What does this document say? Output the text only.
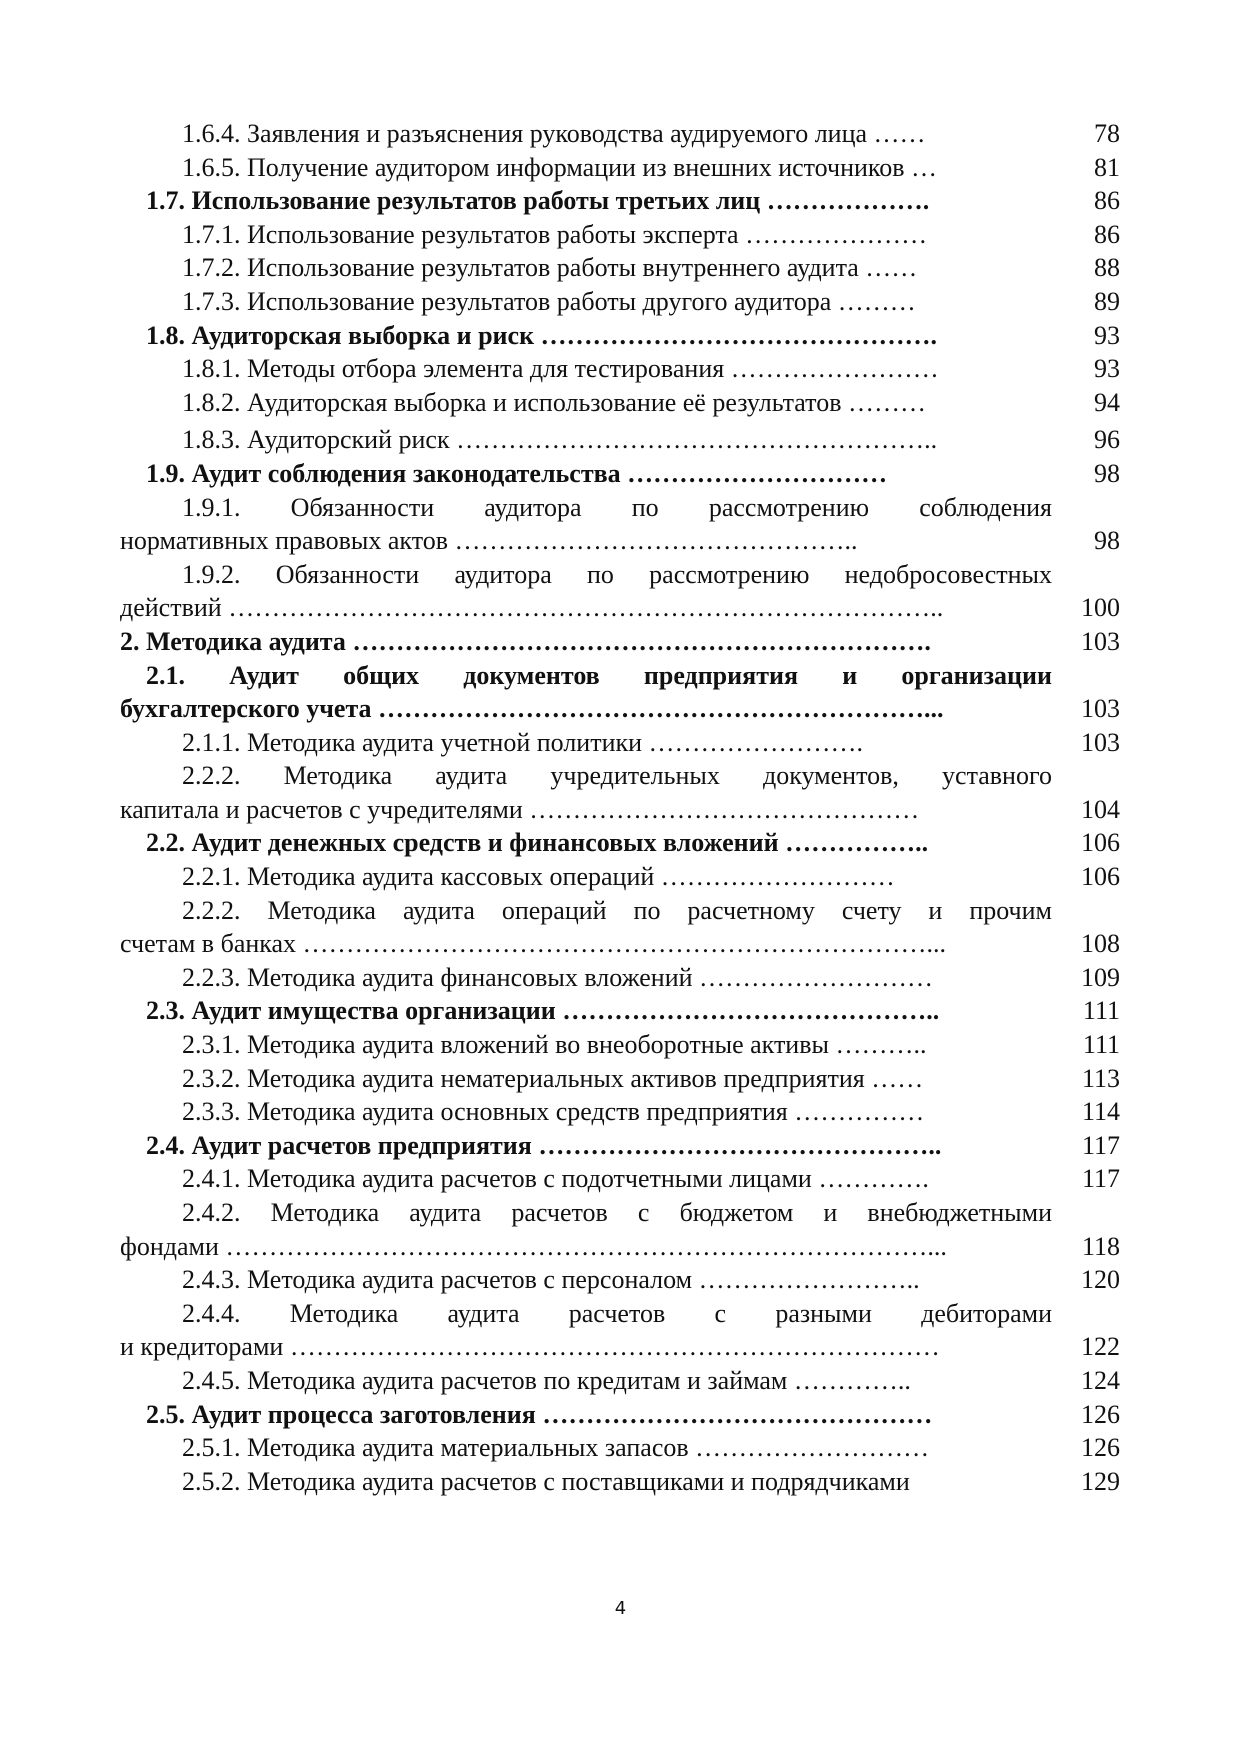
1.6.4. Заявления и разъяснения руководства аудируемого лица ……	78
1.6.5. Получение аудитором информации из внешних источников …	81
1.7. Использование результатов работы третьих лиц ……………….	86
1.7.1. Использование результатов работы эксперта …………………	86
1.7.2. Использование результатов работы внутреннего аудита ……	88
1.7.3. Использование результатов работы другого аудитора ………	89
1.8. Аудиторская выборка и риск ……………………………………….	93
1.8.1. Методы отбора элемента для тестирования ……………………	93
1.8.2. Аудиторская выборка и использование её результатов ………	94
1.8.3. Аудиторский риск ………………………………………………..	96
1.9. Аудит соблюдения законодательства …………………………	98
1.9.1. Обязанности аудитора по рассмотрению соблюдения
нормативных правовых актов ………………………………………..	98
1.9.2. Обязанности аудитора по рассмотрению недобросовестных
действий ………………………………………………………………………..	100
2. Методика аудита ………………………………………………………….	103
2.1. Аудит общих документов предприятия и организации
бухгалтерского учета ………………………………………………………...	103
2.1.1. Методика аудита учетной политики …………………….	103
2.2.2. Методика аудита учредительных документов, уставного
капитала и расчетов с учредителями ………………………………………	104
2.2. Аудит денежных средств и финансовых вложений ……………..	106
2.2.1. Методика аудита кассовых операций ………………………	106
2.2.2. Методика аудита операций по расчетному счету и прочим
счетам в банках ………………………………………………………………...	108
2.2.3. Методика аудита финансовых вложений ………………………	109
2.3. Аудит имущества организации ……………………………………..	111
2.3.1. Методика аудита вложений во внеоборотные активы ………..	111
2.3.2. Методика аудита нематериальных активов предприятия ……	113
2.3.3. Методика аудита основных средств предприятия ……………	114
2.4. Аудит расчетов предприятия ………………………………………..	117
2.4.1. Методика аудита расчетов с подотчетными лицами ………….	117
2.4.2. Методика аудита расчетов с бюджетом и внебюджетными
фондами ………………………………………………………………………...	118
2.4.3. Методика аудита расчетов с персоналом ……………………..	120
2.4.4. Методика аудита расчетов с разными дебиторами
и кредиторами …………………………………………………………………	122
2.4.5. Методика аудита расчетов по кредитам и займам …………..	124
2.5. Аудит процесса заготовления ………………………………………	126
2.5.1. Методика аудита материальных запасов ………………………	126
2.5.2. Методика аудита расчетов с поставщиками и подрядчиками	129
4
